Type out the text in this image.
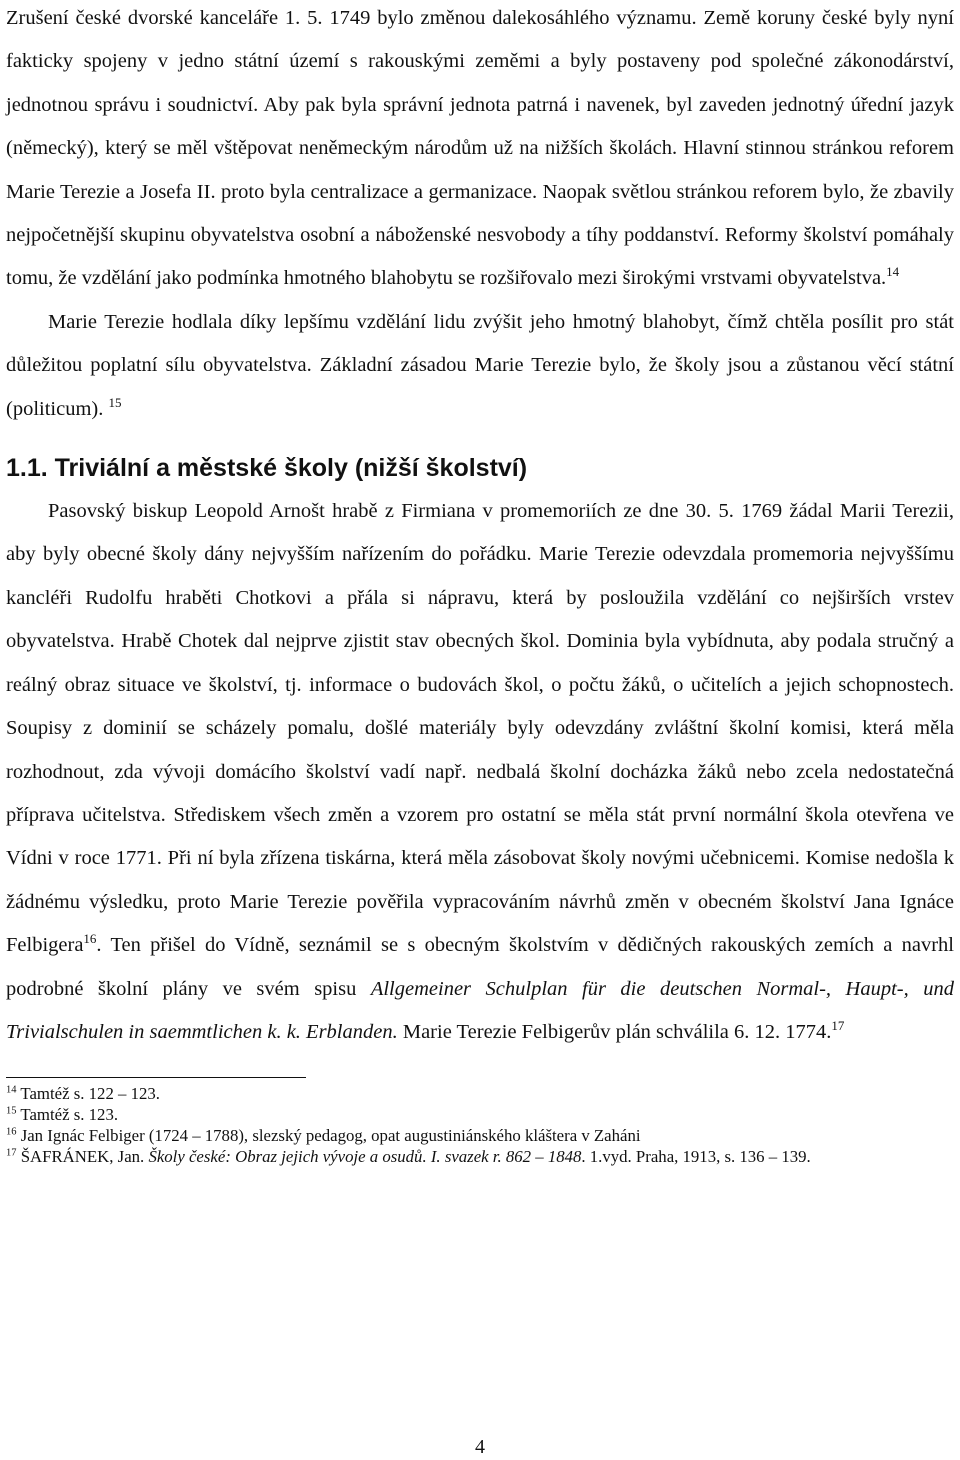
Zrušení české dvorské kanceláře 1. 5. 1749 bylo změnou dalekosáhlého významu. Země koruny české byly nyní fakticky spojeny v jedno státní území s rakouskými zeměmi a byly postaveny pod společné zákonodárství, jednotnou správu i soudnictví. Aby pak byla správní jednota patrná i navenek, byl zaveden jednotný úřední jazyk (německý), který se měl vštěpovat neněmeckým národům už na nižších školách. Hlavní stinnou stránkou reforem Marie Terezie a Josefa II. proto byla centralizace a germanizace. Naopak světlou stránkou reforem bylo, že zbavily nejpočetnější skupinu obyvatelstva osobní a náboženské nesvobody a tíhy poddanství. Reformy školství pomáhaly tomu, že vzdělání jako podmínka hmotného blahobytu se rozšiřovalo mezi širokými vrstvami obyvatelstva.$^{14}$

Marie Terezie hodlala díky lepšímu vzdělání lidu zvýšit jeho hmotný blahobyt, čímž chtěla posílit pro stát důležitou poplatní sílu obyvatelstva. Základní zásadou Marie Terezie bylo, že školy jsou a zůstanou věcí státní (politicum). $^{15}$

1.1. Triviální a městské školy (nižší školství)

Pasovský biskup Leopold Arnošt hrabě z Firmiana v promemoriích ze dne 30. 5. 1769 žádal Marii Terezii, aby byly obecné školy dány nejvyšším nařízením do pořádku. Marie Terezie odevzdala promemoria nejvyššímu kancléři Rudolfu hraběti Chotkovi a přála si nápravu, která by posloužila vzdělání co nejširších vrstev obyvatelstva. Hrabě Chotek dal nejprve zjistit stav obecných škol. Dominia byla vybídnuta, aby podala stručný a reálný obraz situace ve školství, tj. informace o budovách škol, o počtu žáků, o učitelích a jejich schopnostech. Soupisy z dominií se scházely pomalu, došlé materiály byly odevzdány zvláštní školní komisi, která měla rozhodnout, zda vývoji domácího školství vadí např. nedbalá školní docházka žáků nebo zcela nedostatečná příprava učitelstva. Střediskem všech změn a vzorem pro ostatní se měla stát první normální škola otevřena ve Vídni v roce 1771. Při ní byla zřízena tiskárna, která měla zásobovat školy novými učebnicemi. Komise nedošla k žádnému výsledku, proto Marie Terezie pověřila vypracováním návrhů změn v obecném školství Jana Ignáce Felbigera$^{16}$. Ten přišel do Vídně, seznámil se s obecným školstvím v dědičných rakouských zemích a navrhl podrobné školní plány ve svém spisu Allgemeiner Schulplan für die deutschen Normal-, Haupt-, und Trivialschulen in saemmtlichen k. k. Erblanden. Marie Terezie Felbigerův plán schválila 6. 12. 1774.17

$^{14}$ Tamtéž s. 122 – 123.

$^{15}$ Tamtéž s. 123.

$^{16}$ Jan Ignác Felbiger (1724 – 1788), slezský pedagog, opat augustiniánského kláštera v Zaháni

$^{17}$ ŠAFRÁNEK, Jan. Školy české: Obraz jejich vývoje a osudů. I. svazek r. 862 – 1848. 1.vyd. Praha, 1913, s. 136 – 139.

4
